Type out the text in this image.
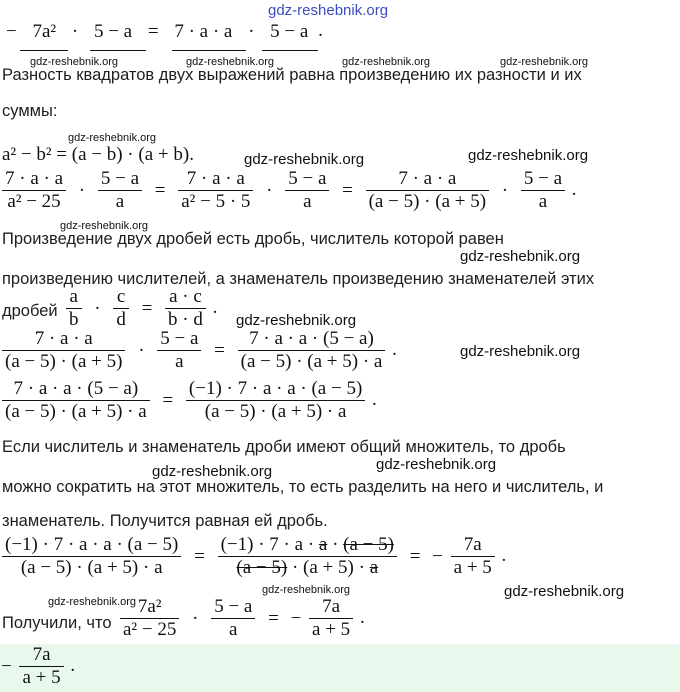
gdz-reshebnik.org
− 7a² · 5 − a = 7 · a · a · 5 − a .
gdz-reshebnik.org	gdz-reshebnik.org	gdz-reshebnik.org	gdz-reshebnik.org
Разность квадратов двух выражений равна произведению их разности и их
суммы:
gdz-reshebnik.org
a² − b² = (a − b) · (a + b).	gdz-reshebnik.org	gdz-reshebnik.org
$\frac{7 \cdot a \cdot a}{\text{a² − 25}} \cdot \frac{5 - a}{a} = \frac{7 \cdot a \cdot a}{\text{a² − 5 · 5}} \cdot \frac{5 - a}{a} = \frac{7 \cdot a \cdot a}{(a - 5) \cdot (a + 5)} \cdot \frac{5 - a}{a}$ .
gdz-reshebnik.org
Произведение двух дробей есть дробь, числитель которой равен
gdz-reshebnik.org
произведению числителей, а знаменатель произведению знаменателей этих
дробей $\frac{a}{b} \cdot \frac{c}{d} = \frac{a \cdot c}{b \cdot d}$ .
gdz-reshebnik.org
$\frac{7 \cdot a \cdot a}{(a - 5) \cdot (a + 5)} \cdot \frac{5 - a}{a} = \frac{7 \cdot a \cdot a \cdot (5 - a)}{(a - 5) \cdot (a + 5) \cdot a}$ .	gdz-reshebnik.org
$\frac{7 \cdot a \cdot a \cdot (5 - a)}{(a - 5) \cdot (a + 5) \cdot a} = \frac{(-1) \cdot 7 \cdot a \cdot a \cdot (a - 5)}{(a - 5) \cdot (a + 5) \cdot a}$ .
Если числитель и знаменатель дроби имеют общий множитель, то дробь
gdz-reshebnik.org
gdz-reshebnik.org
можно сократить на этот множитель, то есть разделить на него и числитель, и
знаменатель. Получится равная ей дробь.
$\frac{(-1) \cdot 7 \cdot a \cdot a \cdot (a - 5)}{(a - 5) \cdot (a + 5) \cdot a} = \frac{(-1) \cdot 7 \cdot a \cdot a \cdot (a - 5)}{(a - 5) \cdot (a + 5) \cdot a}$ = − $\frac{7a}{a + 5}$ .
gdz-reshebnik.org	gdz-reshebnik.org
gdz-reshebnik.org
Получили, что $\frac{\text{7a²}}{\text{a² − 25}} \cdot \frac{5 - a}{a}$ = − $\frac{7a}{a + 5}$ .
− $\frac{7a}{a + 5}$ .
